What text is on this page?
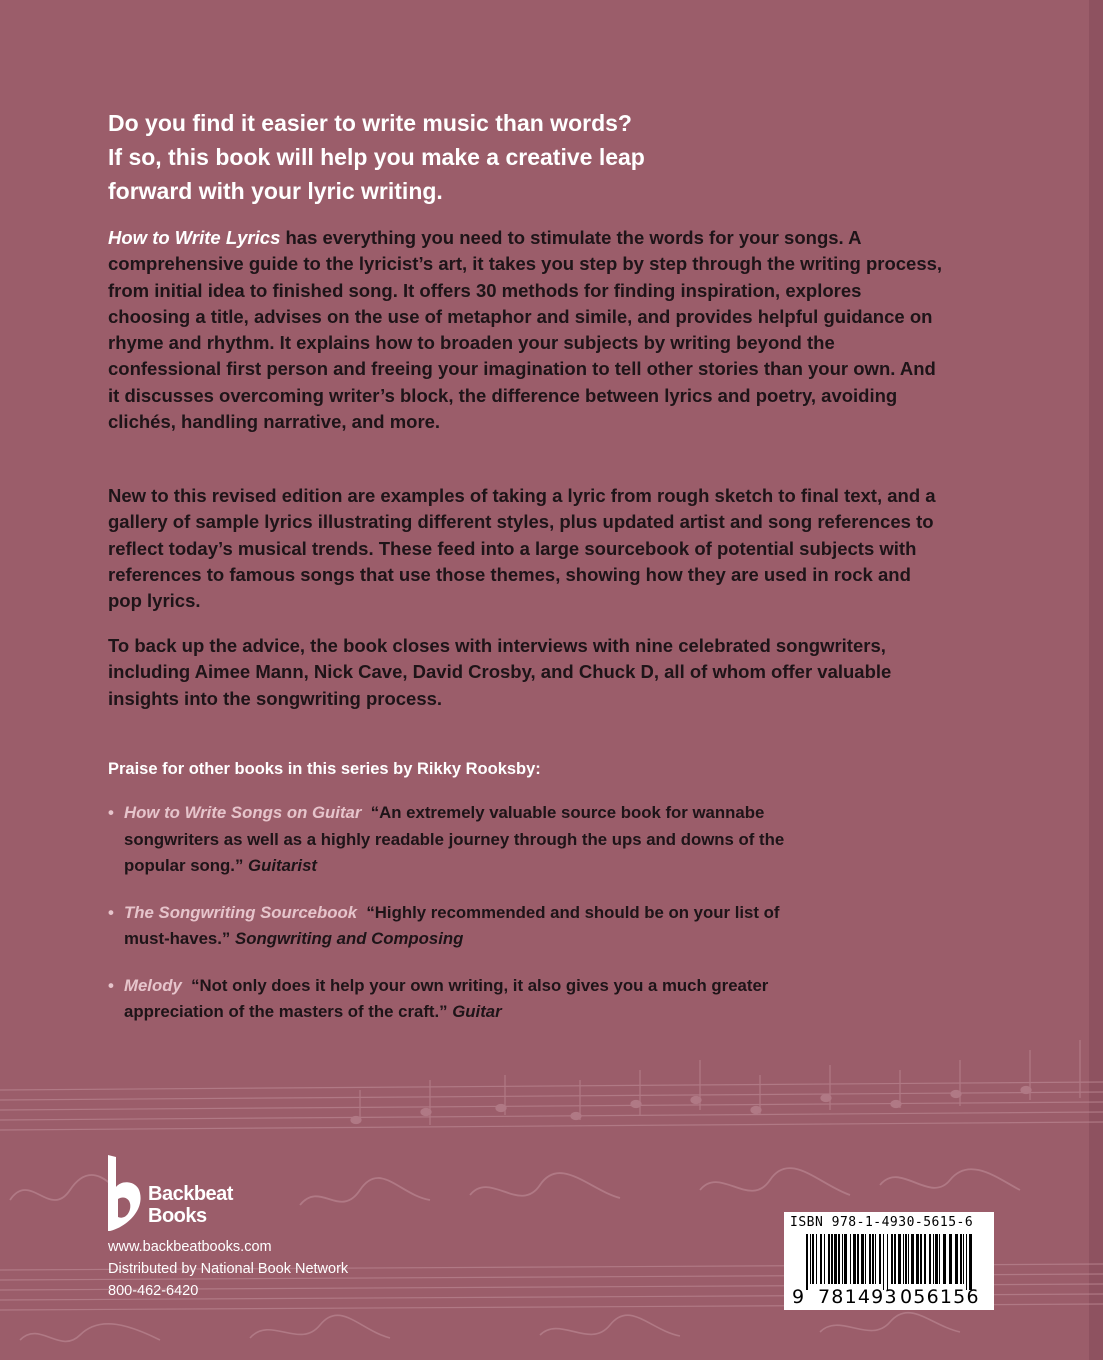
Do you find it easier to write music than words?
If so, this book will help you make a creative leap
forward with your lyric writing.

How to Write Lyrics has everything you need to stimulate the words for your songs. A comprehensive guide to the lyricist’s art, it takes you step by step through the writing process, from initial idea to finished song. It offers 30 methods for finding inspiration, explores choosing a title, advises on the use of metaphor and simile, and provides helpful guidance on rhyme and rhythm. It explains how to broaden your subjects by writing beyond the confessional first person and freeing your imagination to tell other stories than your own. And it discusses overcoming writer’s block, the difference between lyrics and poetry, avoiding clichés, handling narrative, and more.

New to this revised edition are examples of taking a lyric from rough sketch to final text, and a gallery of sample lyrics illustrating different styles, plus updated artist and song references to reflect today’s musical trends. These feed into a large sourcebook of potential subjects with references to famous songs that use those themes, showing how they are used in rock and pop lyrics.

To back up the advice, the book closes with interviews with nine celebrated songwriters, including Aimee Mann, Nick Cave, David Crosby, and Chuck D, all of whom offer valuable insights into the songwriting process.

Praise for other books in this series by Rikky Rooksby:
• How to Write Songs on Guitar “An extremely valuable source book for wannabe songwriters as well as a highly readable journey through the ups and downs of the popular song.” Guitarist
• The Songwriting Sourcebook “Highly recommended and should be on your list of must-haves.” Songwriting and Composing
• Melody “Not only does it help your own writing, it also gives you a much greater appreciation of the masters of the craft.” Guitar
Backbeat
Books
www.backbeatbooks.com
Distributed by National Book Network
800-462-6420
ISBN 978-1-4930-5615-6
9 781493 056156
